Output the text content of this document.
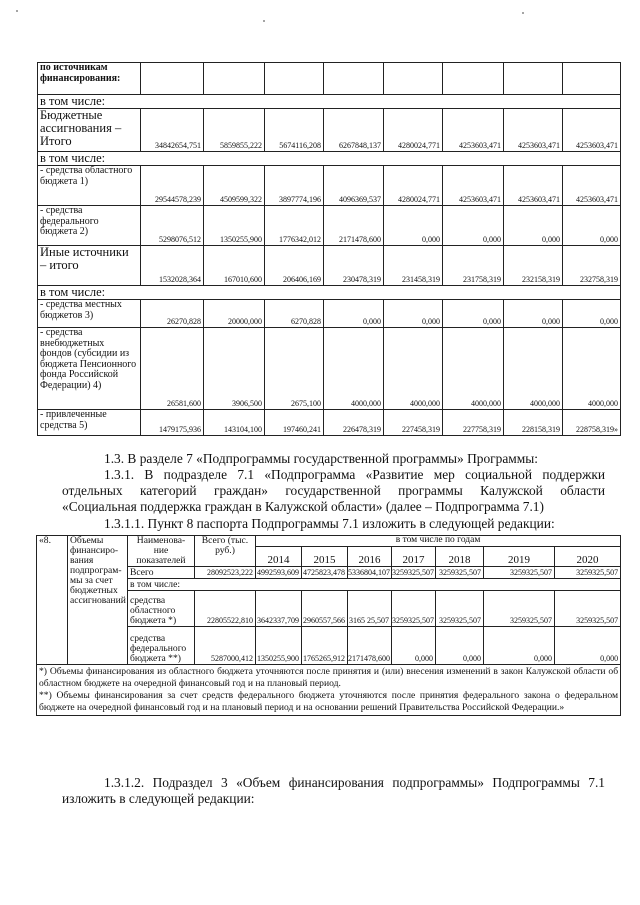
по источникам финансирования:								
в том числе:								
Бюджетные ассигнования – Итого	34842654,751	5859855,222	5674116,208	6267848,137	4280024,771	4253603,471	4253603,471	4253603,471
в том числе:								
- средства областного бюджета 1)	29544578,239	4509599,322	3897774,196	4096369,537	4280024,771	4253603,471	4253603,471	4253603,471
- средства федерального бюджета 2)	5298076,512	1350255,900	1776342,012	2171478,600	0,000	0,000	0,000	0,000
Иные источники – итого	1532028,364	167010,600	206406,169	230478,319	231458,319	231758,319	232158,319	232758,319
в том числе:								
- средства местных бюджетов 3)	26270,828	20000,000	6270,828	0,000	0,000	0,000	0,000	0,000
- средства внебюджетных фондов (субсидии из бюджета Пенсионного фонда Российской Федерации) 4)	26581,600	3906,500	2675,100	4000,000	4000,000	4000,000	4000,000	4000,000
- привлеченные средства 5)	1479175,936	143104,100	197460,241	226478,319	227458,319	227758,319	228158,319	228758,319»
1.3. В разделе 7 «Подпрограммы государственной программы» Программы:
1.3.1. В подразделе 7.1 «Подпрограмма «Развитие мер социальной поддержки
отдельных категорий граждан» государственной программы Калужской области
«Социальная поддержка граждан в Калужской области» (далее – Подпрограмма 7.1)
1.3.1.1. Пункт 8 паспорта Подпрограммы 7.1 изложить в следующей редакции:
«8.	Объемы финансиро-вания подпрограм-мы за счет бюджетных ассигнований	Наименова-ние показателей	Всего (тыс. руб.)	в том числе по годам						
				2014	2015	2016	2017	2018	2019	2020
		Всего	28092523,222	4992593,609	4725823,478	5336804,107	3259325,507	3259325,507	3259325,507	3259325,507
		в том числе:								
		средства областного бюджета *)	22805522,810	3642337,709	2960557,566	3165 25,507	3259325,507	3259325,507	3259325,507	3259325,507
		средства федерального бюджета **)	5287000,412	1350255,900	1765265,912	2171478,600	0,000	0,000	0,000	0,000

*) Объемы финансирования из областного бюджета уточняются после принятия и (или) внесения изменений в закон Калужской области об областном бюджете на очередной финансовый год и на плановый период.
**) Объемы финансирования за счет средств федерального бюджета уточняются после принятия федерального закона о федеральном бюджете на очередной финансовый год и на плановый период и на основании решений Правительства Российской Федерации.»										
1.3.1.2. Подраздел 3 «Объем финансирования подпрограммы» Подпрограммы 7.1
изложить в следующей редакции:
